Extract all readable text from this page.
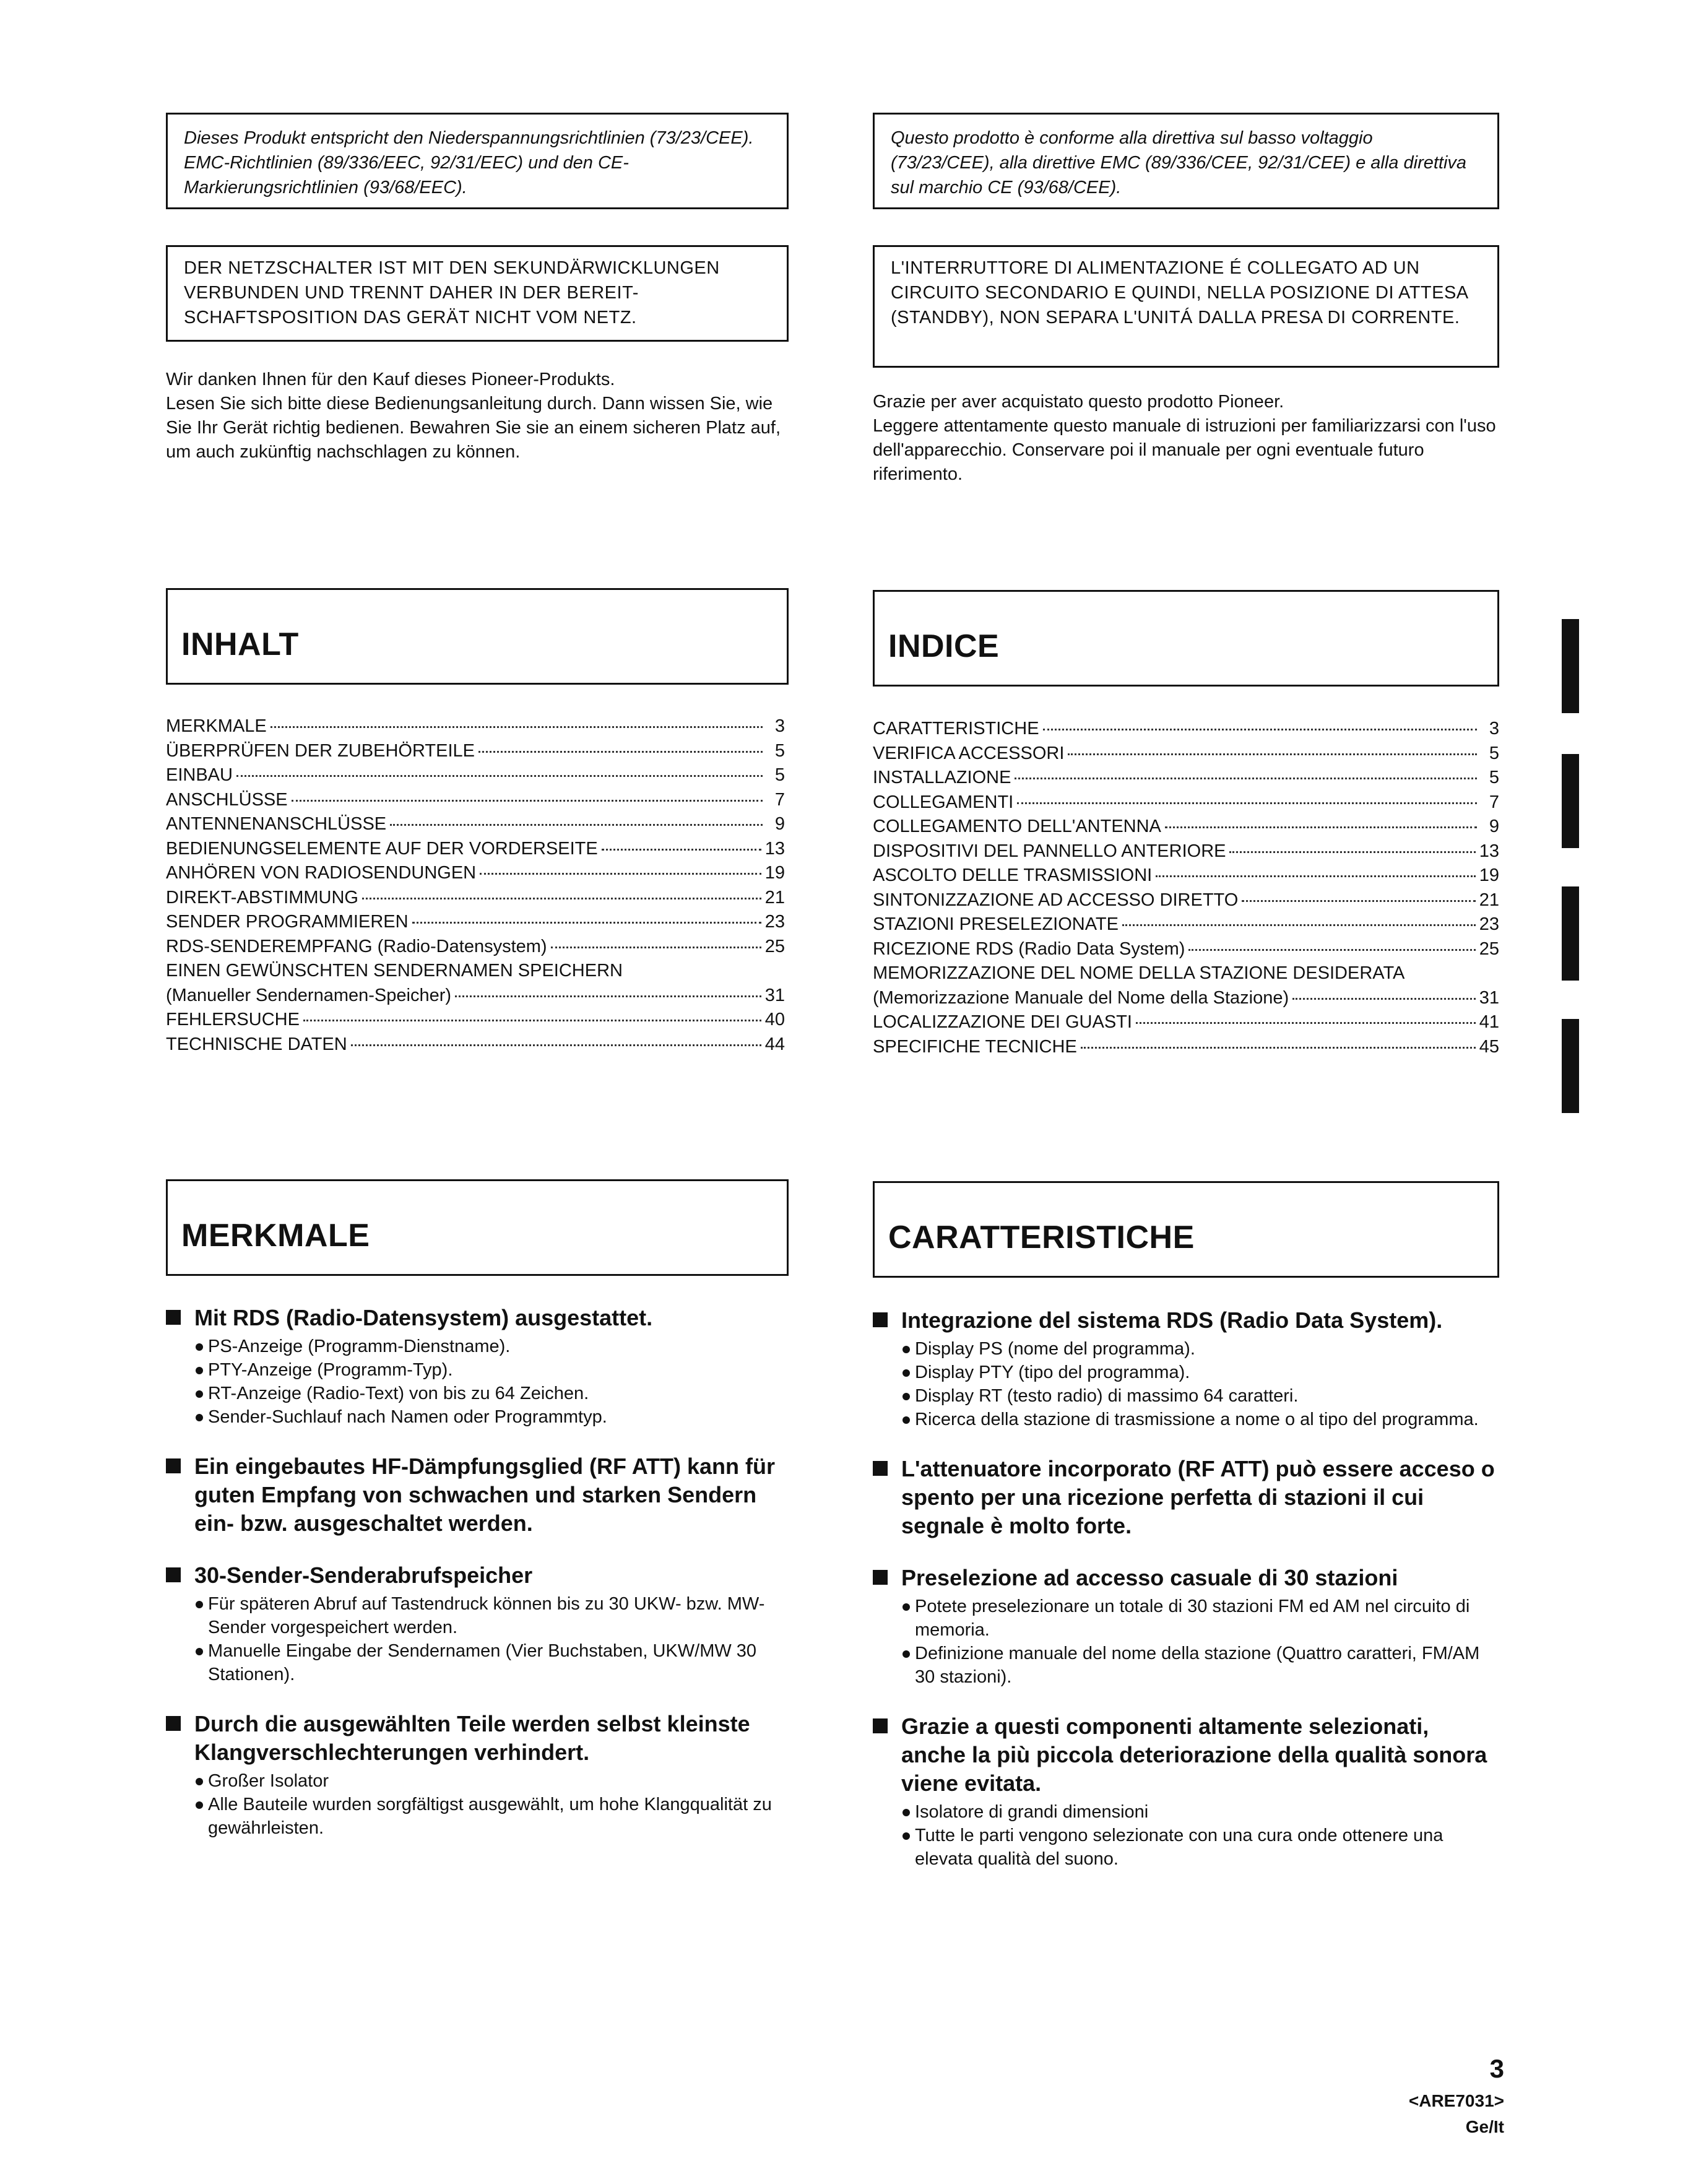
Dieses Produkt entspricht den Niederspannungsrichtlinien (73/23/CEE). EMC-Richtlinien (89/336/EEC, 92/31/EEC) und den CE-Markierungsrichtlinien (93/68/EEC).
DER NETZSCHALTER IST MIT DEN SEKUNDÄRWICKLUNGEN VERBUNDEN UND TRENNT DAHER IN DER BEREIT-SCHAFTSPOSITION DAS GERÄT NICHT VOM NETZ.

Wir danken Ihnen für den Kauf dieses Pioneer-Produkts.

Lesen Sie sich bitte diese Bedienungsanleitung durch. Dann wissen Sie, wie Sie Ihr Gerät richtig bedienen. Bewahren Sie sie an einem sicheren Platz auf, um auch zukünftig nachschlagen zu können.

INHALT
MERKMALE	3
ÜBERPRÜFEN DER ZUBEHÖRTEILE	5
EINBAU	5
ANSCHLÜSSE	7
ANTENNENANSCHLÜSSE	9
BEDIENUNGSELEMENTE AUF DER VORDERSEITE	13
ANHÖREN VON RADIOSENDUNGEN	19
DIREKT-ABSTIMMUNG	21
SENDER PROGRAMMIEREN	23
RDS-SENDEREMPFANG (Radio-Datensystem)	25
EINEN GEWÜNSCHTEN SENDERNAMEN SPEICHERN
(Manueller Sendernamen-Speicher)	31
FEHLERSUCHE	40
TECHNISCHE DATEN	44
MERKMALE
Mit RDS (Radio-Datensystem) ausgestattet.
PS-Anzeige (Programm-Dienstname).
PTY-Anzeige (Programm-Typ).
RT-Anzeige (Radio-Text) von bis zu 64 Zeichen.
Sender-Suchlauf nach Namen oder Programmtyp.
Ein eingebautes HF-Dämpfungsglied (RF ATT) kann für guten Empfang von schwachen und starken Sendern ein- bzw. ausgeschaltet werden.
30-Sender-Senderabrufspeicher
Für späteren Abruf auf Tastendruck können bis zu 30 UKW- bzw. MW-Sender vorgespeichert werden.
Manuelle Eingabe der Sendernamen (Vier Buchstaben, UKW/MW 30 Stationen).
Durch die ausgewählten Teile werden selbst kleinste Klangverschlechterungen verhindert.
Großer Isolator
Alle Bauteile wurden sorgfältigst ausgewählt, um hohe Klangqualität zu gewährleisten.
Questo prodotto è conforme alla direttiva sul basso voltaggio (73/23/CEE), alla direttive EMC (89/336/CEE, 92/31/CEE) e alla direttiva sul marchio CE (93/68/CEE).
L'INTERRUTTORE DI ALIMENTAZIONE É COLLEGATO AD UN CIRCUITO SECONDARIO E QUINDI, NELLA POSIZIONE DI ATTESA (STANDBY), NON SEPARA L'UNITÁ DALLA PRESA DI CORRENTE.

Grazie per aver acquistato questo prodotto Pioneer.

Leggere attentamente questo manuale di istruzioni per familiarizzarsi con l'uso dell'apparecchio. Conservare poi il manuale per ogni eventuale futuro riferimento.

INDICE
CARATTERISTICHE	3
VERIFICA ACCESSORI	5
INSTALLAZIONE	5
COLLEGAMENTI	7
COLLEGAMENTO DELL'ANTENNA	9
DISPOSITIVI DEL PANNELLO ANTERIORE	13
ASCOLTO DELLE TRASMISSIONI	19
SINTONIZZAZIONE AD ACCESSO DIRETTO	21
STAZIONI PRESELEZIONATE	23
RICEZIONE RDS (Radio Data System)	25
MEMORIZZAZIONE DEL NOME DELLA STAZIONE DESIDERATA
(Memorizzazione Manuale del Nome della Stazione)	31
LOCALIZZAZIONE DEI GUASTI	41
SPECIFICHE TECNICHE	45
CARATTERISTICHE
Integrazione del sistema RDS (Radio Data System).
Display PS (nome del programma).
Display PTY (tipo del programma).
Display RT (testo radio) di massimo 64 caratteri.
Ricerca della stazione di trasmissione a nome o al tipo del programma.
L'attenuatore incorporato (RF ATT) può essere acceso o spento per una ricezione perfetta di stazioni il cui segnale è molto forte.
Preselezione ad accesso casuale di 30 stazioni
Potete preselezionare un totale di 30 stazioni FM ed AM nel circuito di memoria.
Definizione manuale del nome della stazione (Quattro caratteri, FM/AM 30 stazioni).
Grazie a questi componenti altamente selezionati, anche la più piccola deteriorazione della qualità sonora viene evitata.
Isolatore di grandi dimensioni
Tutte le parti vengono selezionate con una cura onde ottenere una elevata qualità del suono.
3
<ARE7031>
Ge/It
